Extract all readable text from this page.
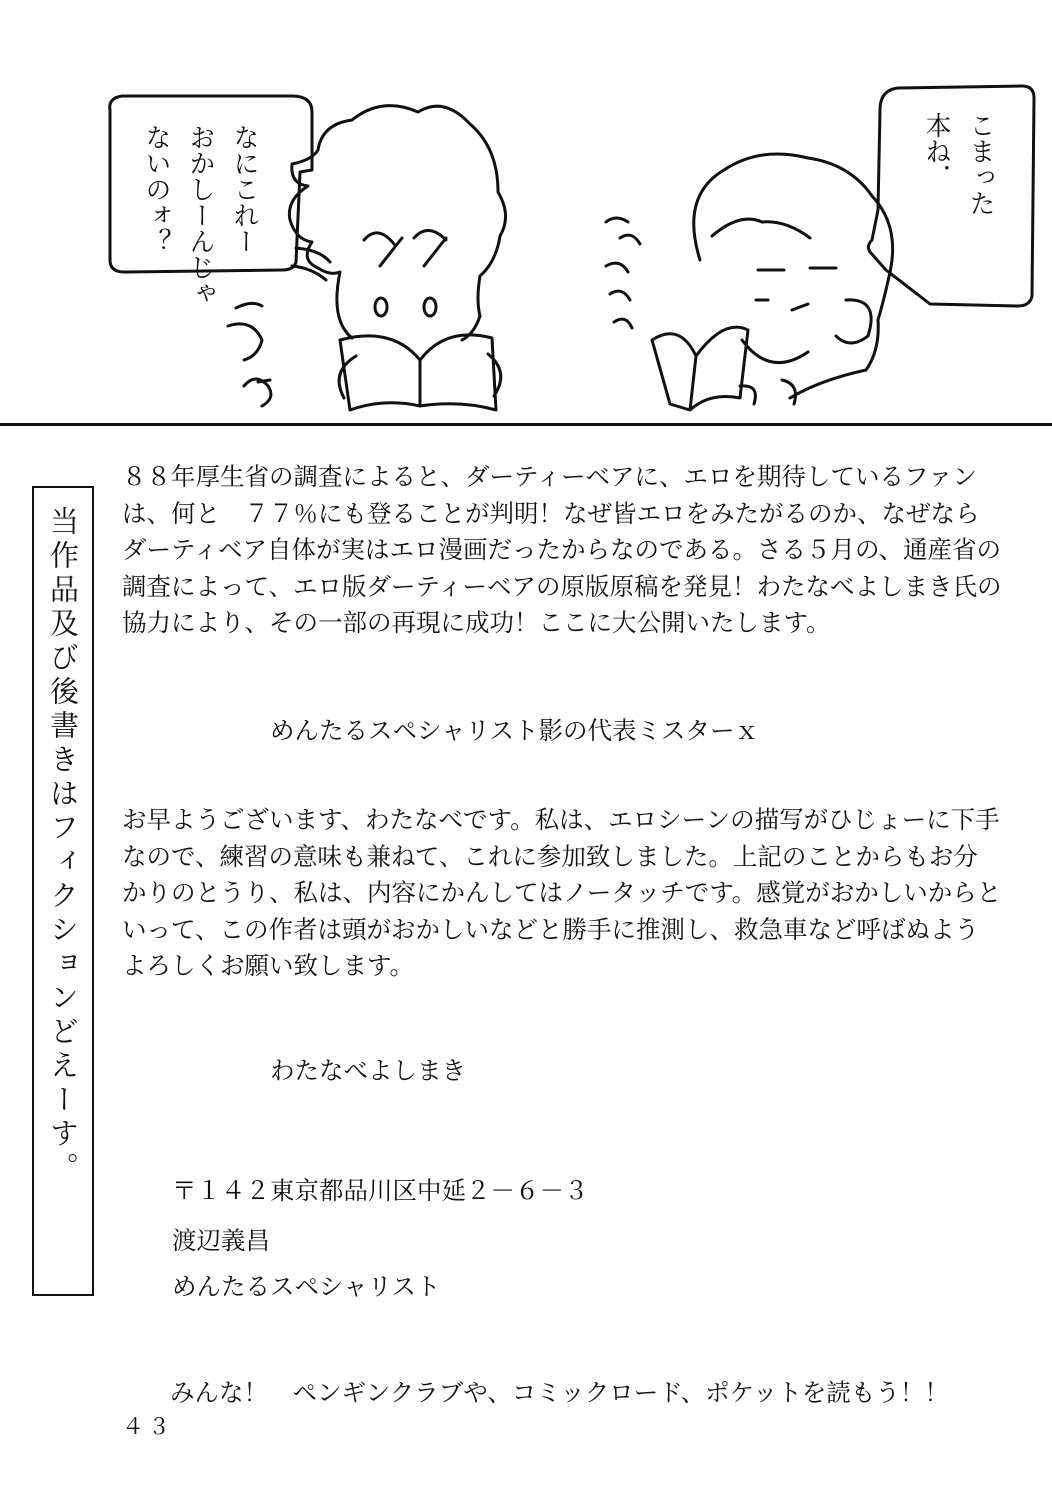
なにこれー
おかしーんじゃ
ないのォ？	こまった
本ね．
う〜む
ぱらぱら
当作品及び後書きはフィクションどえーす。

８８年厚生省の調査によると、ダーティーベアに、エロを期待しているファンは、何と　７７％にも登ることが判明！なぜ皆エロをみたがるのか、なぜならダーティベア自体が実はエロ漫画だったからなのである。さる５月の、通産省の調査によって、エロ版ダーティーベアの原版原稿を発見！わたなべよしまき氏の協力により、その一部の再現に成功！ここに大公開いたします。

めんたるスペシャリスト影の代表ミスターｘ

お早ようございます、わたなべです。私は、エロシーンの描写がひじょーに下手なので、練習の意味も兼ねて、これに参加致しました。上記のことからもお分かりのとうり、私は、内容にかんしてはノータッチです。感覚がおかしいからといって、この作者は頭がおかしいなどと勝手に推測し、救急車など呼ばぬようよろしくお願い致します。

わたなべよしまき
〒１４２東京都品川区中延２－６－３
渡辺義昌
めんたるスペシャリスト
みんな！　ペンギンクラブや、コミックロード、ポケットを読もう！！
４３
